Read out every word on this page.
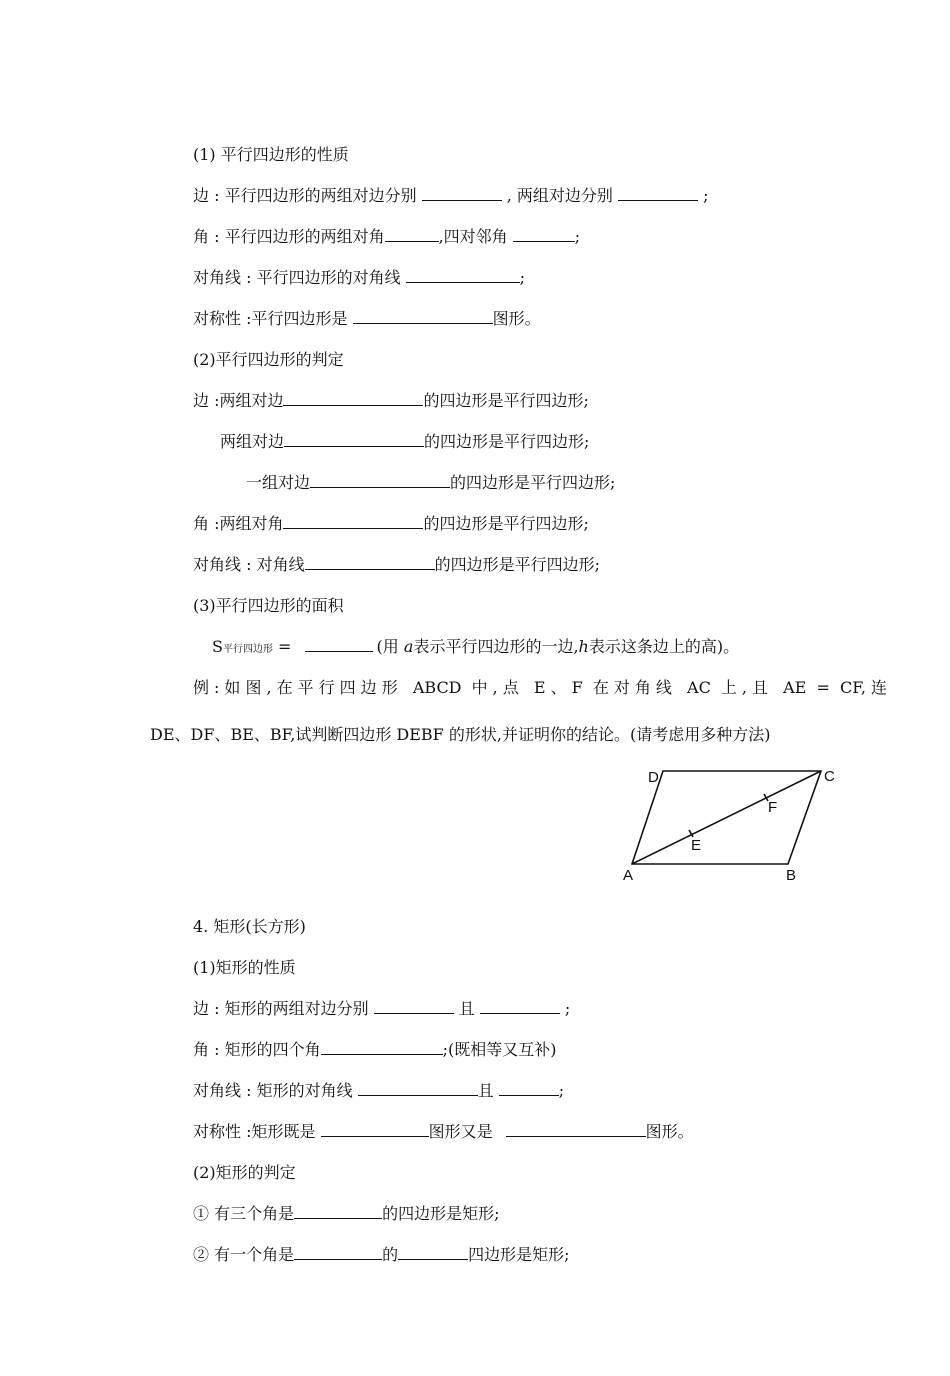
(1) 平行四边形的性质
边 : 平行四边形的两组对边分别	, 两组对边分别	;
角 : 平行四边形的两组对角	,四对邻角	;
对角线 : 平行四边形的对角线	;
对称性 :平行四边形是	图形。
(2)平行四边形的判定
边 :两组对边	的四边形是平行四边形;
两组对边	的四边形是平行四边形;
一组对边	的四边形是平行四边形;
角 :两组对角	的四边形是平行四边形;
对角线 : 对角线	的四边形是平行四边形;
(3)平行四边形的面积
S平行四边形 =	(用 a表示平行四边形的一边,h表示这条边上的高)。
例:如图,在平行四边形 ABCD 中,点 E、F 在对角线 AC 上,且 AE = CF,连
DE、DF、BE、BF,试判断四边形 DEBF 的形状,并证明你的结论。(请考虑用多种方法)
D	C
F
E
A	B
4. 矩形(长方形)
(1)矩形的性质
边 : 矩形的两组对边分别	且	;
角 : 矩形的四个角	;(既相等又互补)
对角线 : 矩形的对角线	且	;
对称性 :矩形既是	图形又是	图形。
(2)矩形的判定
① 有三个角是	的四边形是矩形;
② 有一个角是	的	四边形是矩形;
